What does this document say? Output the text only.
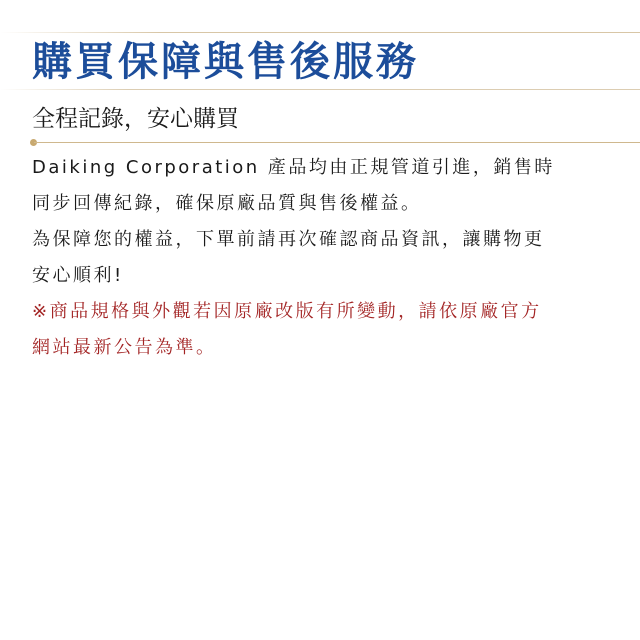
購買保障與售後服務
全程記錄，安心購買
Daiking Corporation 產品均由正規管道引進，銷售時
同步回傳紀錄，確保原廠品質與售後權益。
為保障您的權益，下單前請再次確認商品資訊，讓購物更
安心順利!
※商品規格與外觀若因原廠改版有所變動，請依原廠官方
網站最新公告為準。
